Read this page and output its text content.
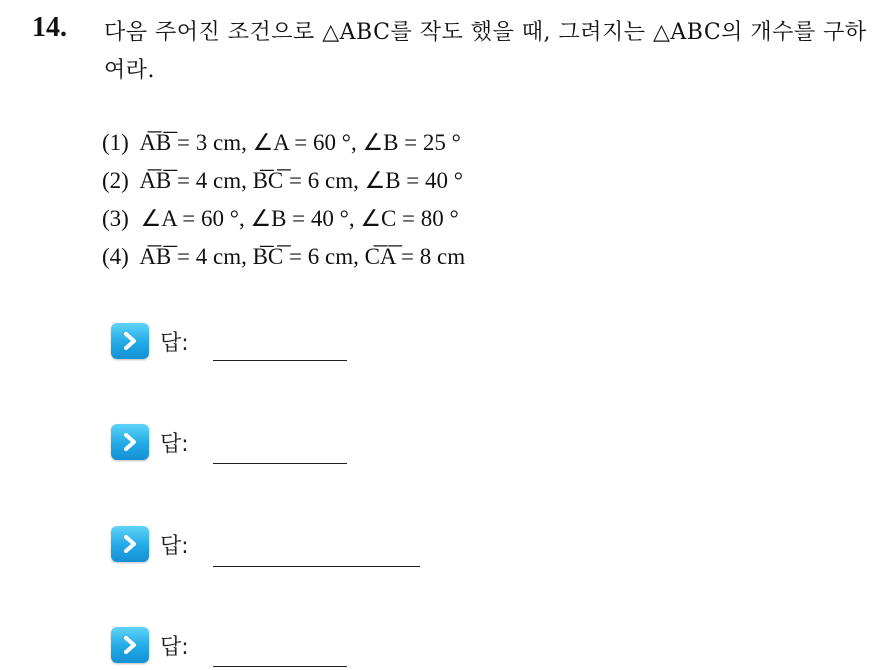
14. 다음 주어진 조건으로 △ABC를 작도 했을 때, 그려지는 △ABC의 개수를 구하여라.
(1) A͞B͞ = 3 cm, ∠A = 60 °, ∠B = 25 °
(2) A͞B͞ = 4 cm, B͞C͞ = 6 cm, ∠B = 40 °
(3) ∠A = 60 °, ∠B = 40 °, ∠C = 80 °
(4) A͞B͞ = 4 cm, B͞C͞ = 6 cm, C͞A͞ = 8 cm
답:
답:
답:
답:
